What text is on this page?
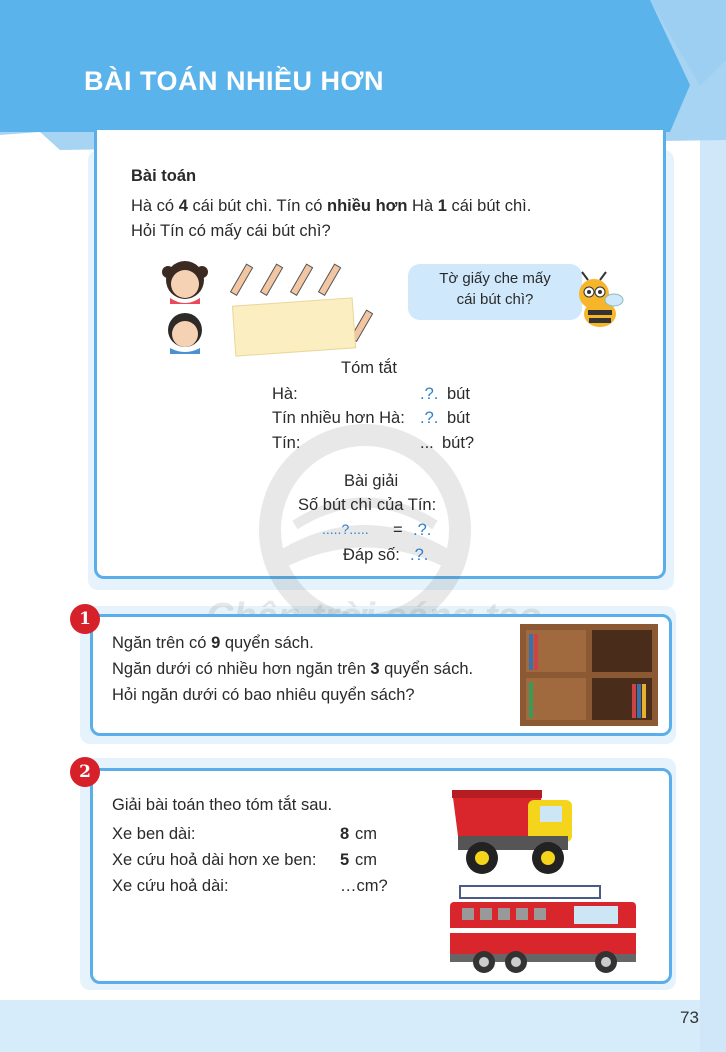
BÀI TOÁN NHIỀU HƠN
Bài toán
Hà có 4 cái bút chì. Tín có nhiều hơn Hà 1 cái bút chì.
Hỏi Tín có mấy cái bút chì?
Tờ giấy che mấy
cái bút chì?
Tóm tắt
Hà:	.?. bút
Tín nhiều hơn Hà: .?. bút
Tín:	... bút?
Bài giải
Số bút chì của Tín:
.....?..... = .?.
Đáp số: .?.
1
Ngăn trên có 9 quyển sách.
Ngăn dưới có nhiều hơn ngăn trên 3 quyển sách.
Hỏi ngăn dưới có bao nhiêu quyển sách?
2
Giải bài toán theo tóm tắt sau.
Xe ben dài:	8 cm
Xe cứu hoả dài hơn xe ben: 5 cm
Xe cứu hoả dài:	…cm?
73
